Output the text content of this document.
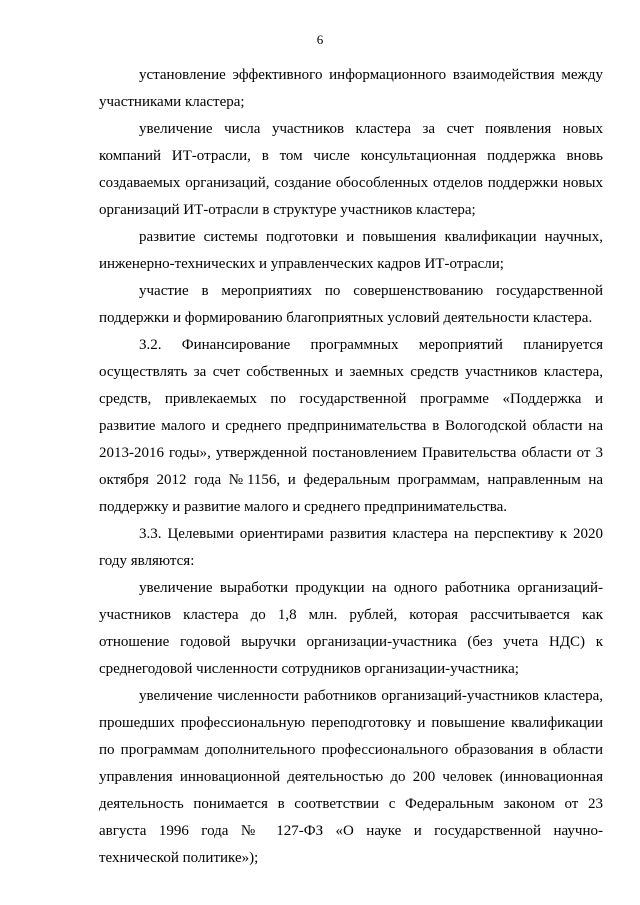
6

установление эффективного информационного взаимодействия между
участниками кластера;

увеличение числа участников кластера за счет появления новых
компаний ИТ-отрасли, в том числе консультационная поддержка вновь
создаваемых организаций, создание обособленных отделов поддержки новых
организаций ИТ-отрасли в структуре участников кластера;

развитие системы подготовки и повышения квалификации научных,
инженерно-технических и управленческих кадров ИТ-отрасли;

участие в мероприятиях по совершенствованию государственной
поддержки и формированию благоприятных условий деятельности кластера.

3.2. Финансирование программных мероприятий планируется
осуществлять за счет собственных и заемных средств участников кластера,
средств, привлекаемых по государственной программе «Поддержка и
развитие малого и среднего предпринимательства в Вологодской области на
2013-2016 годы», утвержденной постановлением Правительства области от 3
октября 2012 года №1156, и федеральным программам, направленным на
поддержку и развитие малого и среднего предпринимательства.

3.3. Целевыми ориентирами развития кластера на перспективу к 2020
году являются:

увеличение выработки продукции на одного работника организаций-
участников кластера до 1,8 млн. рублей, которая рассчитывается как
отношение годовой выручки организации-участника (без учета НДС) к
среднегодовой численности сотрудников организации-участника;

увеличение численности работников организаций-участников кластера,
прошедших профессиональную переподготовку и повышение квалификации
по программам дополнительного профессионального образования в области
управления инновационной деятельностью до 200 человек (инновационная
деятельность понимается в соответствии с Федеральным законом от 23
августа 1996 года № 127-ФЗ «О науке и государственной научно-
технической политике»);
